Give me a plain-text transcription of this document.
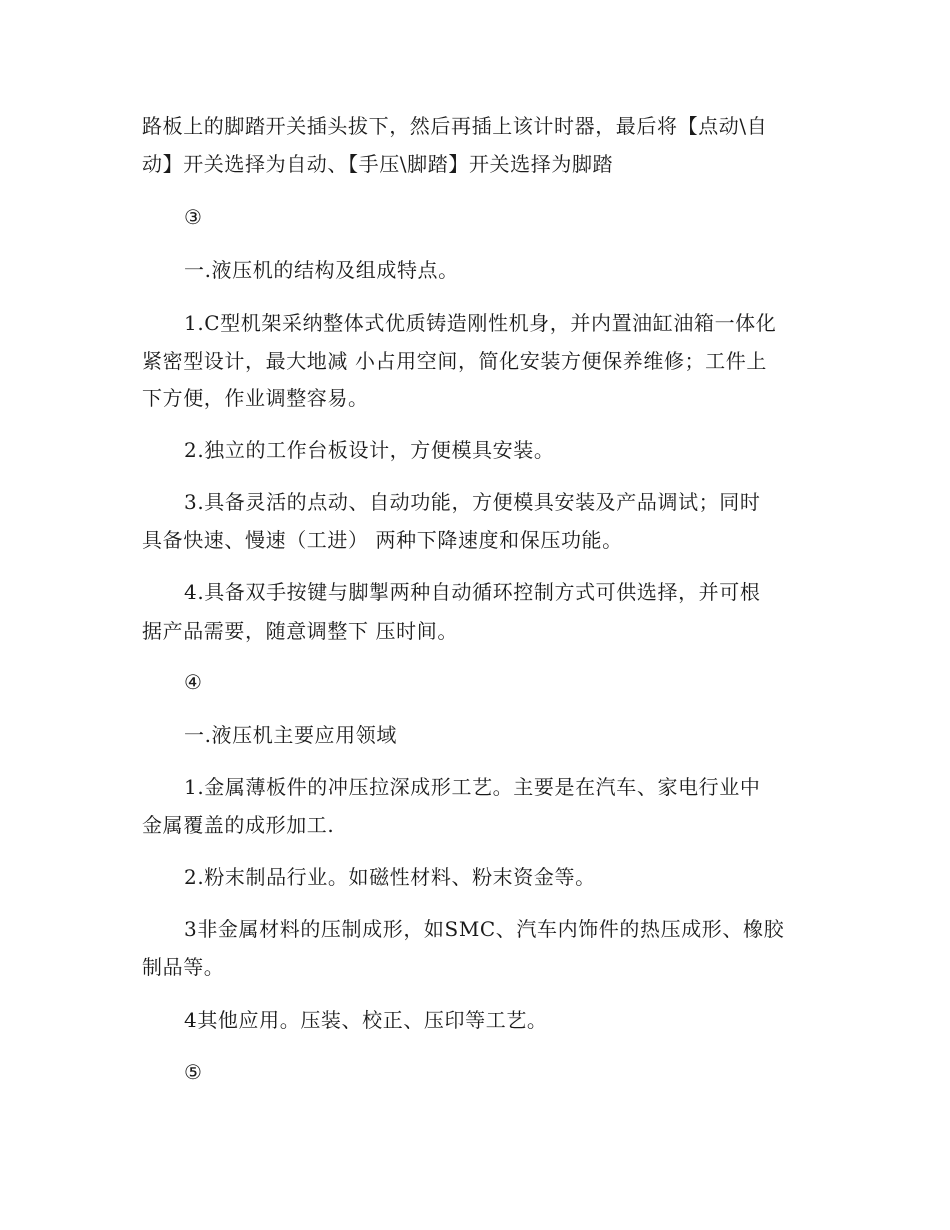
路板上的脚踏开关插头拔下，然后再插上该计时器，最后将【点动\自
动】开关选择为自动、【手压\脚踏】开关选择为脚踏
③
一.液压机的结构及组成特点。
1.C型机架采纳整体式优质铸造刚性机身，并内置油缸油箱一体化
紧密型设计，最大地减 小占用空间，简化安装方便保养维修；工件上
下方便，作业调整容易。
2.独立的工作台板设计，方便模具安装。
3.具备灵活的点动、自动功能，方便模具安装及产品调试；同时
具备快速、慢速（工进） 两种下降速度和保压功能。
4.具备双手按键与脚掣两种自动循环控制方式可供选择，并可根
据产品需要，随意调整下 压时间。
④
一.液压机主要应用领域
1.金属薄板件的冲压拉深成形工艺。主要是在汽车、家电行业中
金属覆盖的成形加工.
2.粉末制品行业。如磁性材料、粉末资金等。
3非金属材料的压制成形，如SMC、汽车内饰件的热压成形、橡胶
制品等。
4其他应用。压装、校正、压印等工艺。
⑤
